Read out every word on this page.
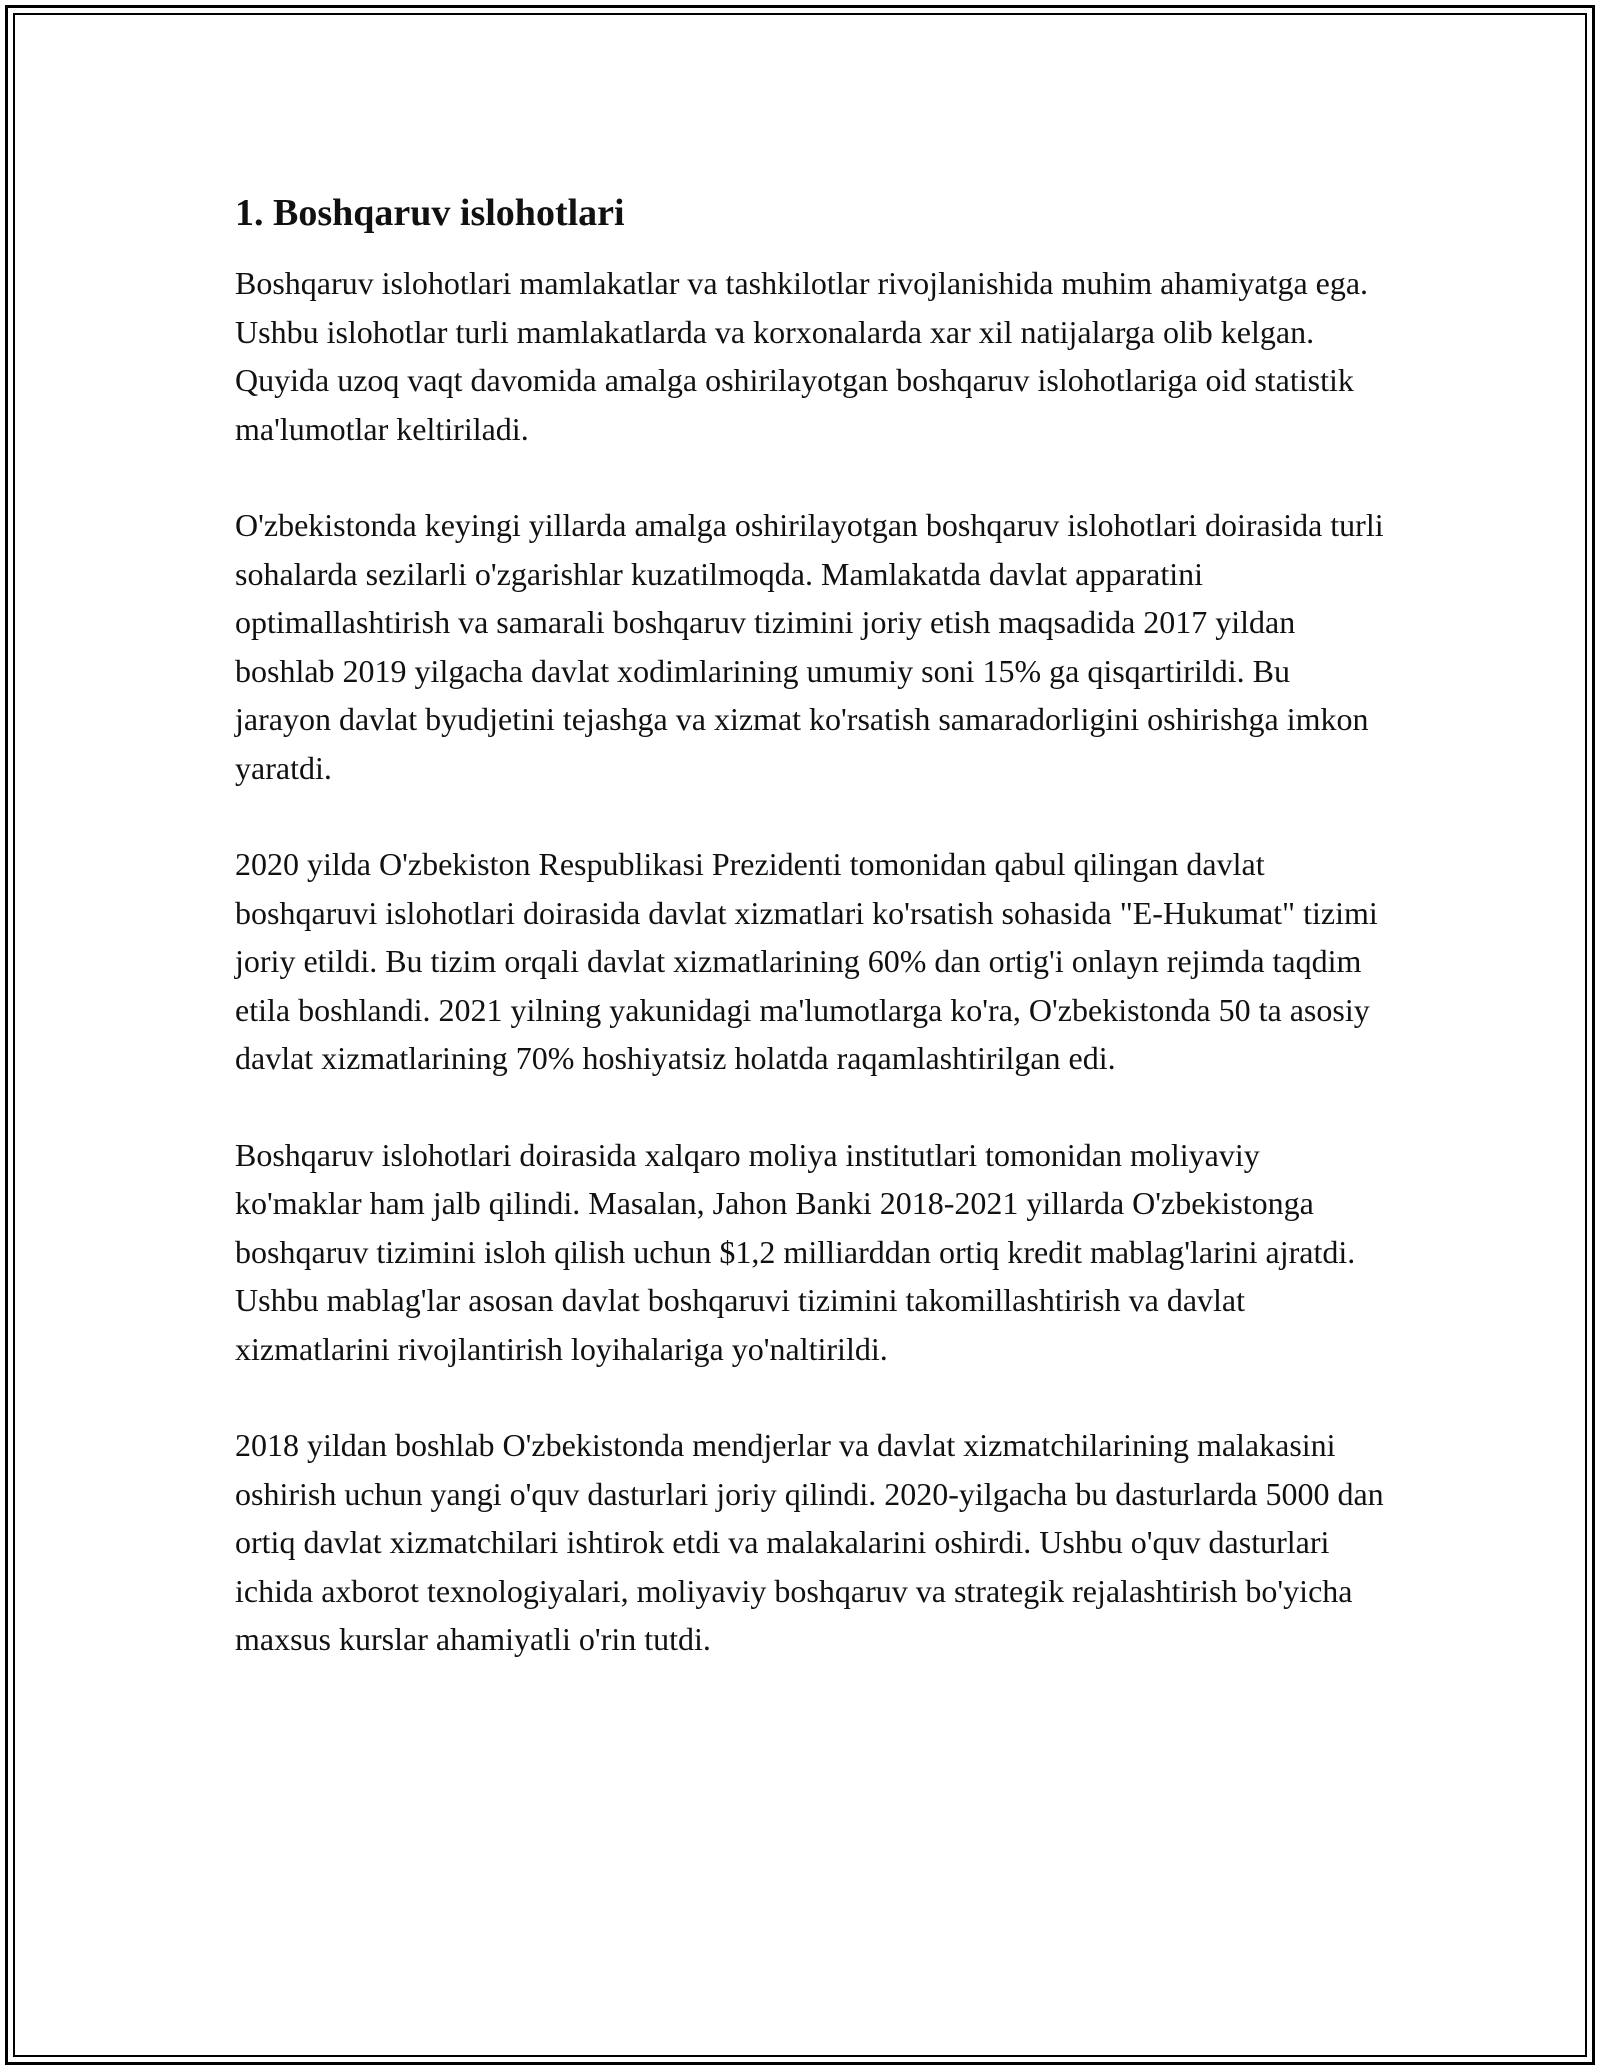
1. Boshqaruv islohotlari

Boshqaruv islohotlari mamlakatlar va tashkilotlar rivojlanishida muhim ahamiyatga ega. Ushbu islohotlar turli mamlakatlarda va korxonalarda xar xil natijalarga olib kelgan. Quyida uzoq vaqt davomida amalga oshirilayotgan boshqaruv islohotlariga oid statistik ma'lumotlar keltiriladi.

O'zbekistonda keyingi yillarda amalga oshirilayotgan boshqaruv islohotlari doirasida turli sohalarda sezilarli o'zgarishlar kuzatilmoqda. Mamlakatda davlat apparatini optimallashtirish va samarali boshqaruv tizimini joriy etish maqsadida 2017 yildan boshlab 2019 yilgacha davlat xodimlarining umumiy soni 15% ga qisqartirildi. Bu jarayon davlat byudjetini tejashga va xizmat ko'rsatish samaradorligini oshirishga imkon yaratdi.

2020 yilda O'zbekiston Respublikasi Prezidenti tomonidan qabul qilingan davlat boshqaruvi islohotlari doirasida davlat xizmatlari ko'rsatish sohasida "E-Hukumat" tizimi joriy etildi. Bu tizim orqali davlat xizmatlarining 60% dan ortig'i onlayn rejimda taqdim etila boshlandi. 2021 yilning yakunidagi ma'lumotlarga ko'ra, O'zbekistonda 50 ta asosiy davlat xizmatlarining 70% hoshiyatsiz holatda raqamlashtirilgan edi.

Boshqaruv islohotlari doirasida xalqaro moliya institutlari tomonidan moliyaviy ko'maklar ham jalb qilindi. Masalan, Jahon Banki 2018-2021 yillarda O'zbekistonga boshqaruv tizimini isloh qilish uchun $1,2 milliarddan ortiq kredit mablag'larini ajratdi. Ushbu mablag'lar asosan davlat boshqaruvi tizimini takomillashtirish va davlat xizmatlarini rivojlantirish loyihalariga yo'naltirildi.

2018 yildan boshlab O'zbekistonda mendjerlar va davlat xizmatchilarining malakasini oshirish uchun yangi o'quv dasturlari joriy qilindi. 2020-yilgacha bu dasturlarda 5000 dan ortiq davlat xizmatchilari ishtirok etdi va malakalarini oshirdi. Ushbu o'quv dasturlari ichida axborot texnologiyalari, moliyaviy boshqaruv va strategik rejalashtirish bo'yicha maxsus kurslar ahamiyatli o'rin tutdi.
